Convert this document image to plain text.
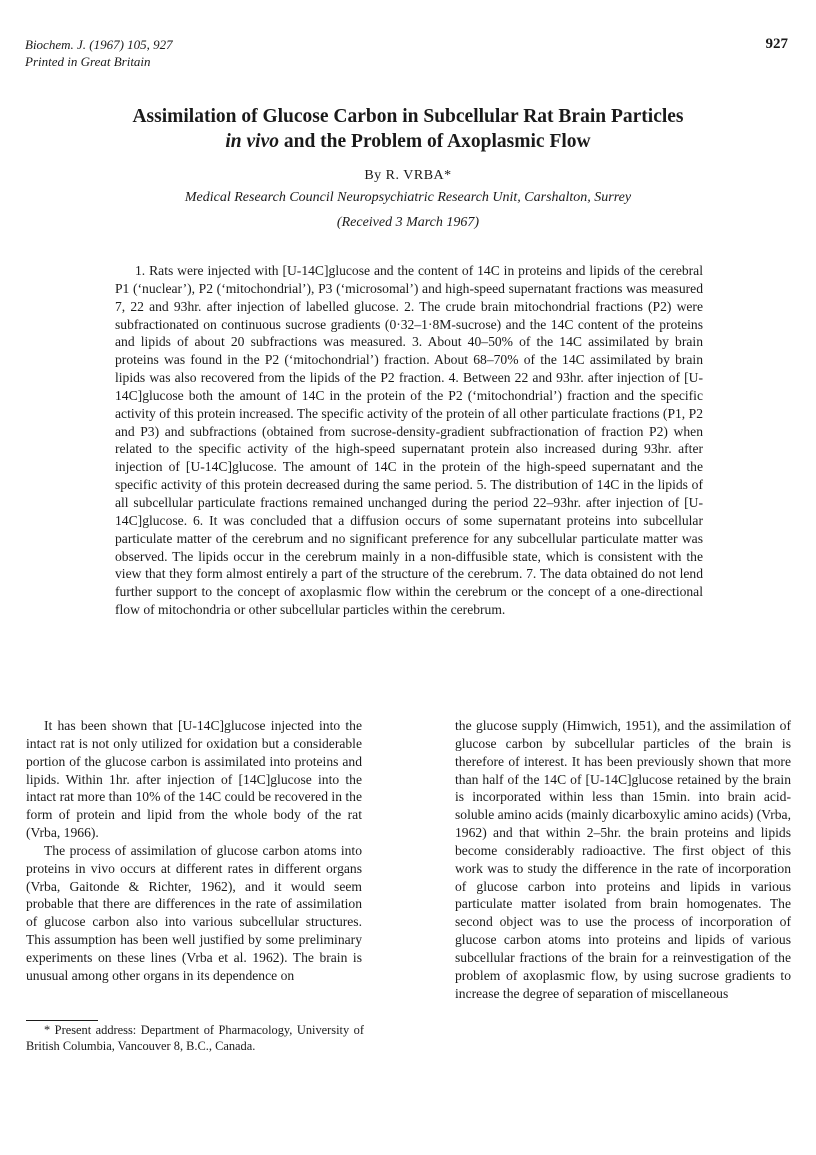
Biochem. J. (1967) 105, 927
Printed in Great Britain
927
Assimilation of Glucose Carbon in Subcellular Rat Brain Particles
in vivo and the Problem of Axoplasmic Flow
By R. VRBA*
Medical Research Council Neuropsychiatric Research Unit, Carshalton, Surrey
(Received 3 March 1967)

1. Rats were injected with [U-14C]glucose and the content of 14C in proteins and lipids of the cerebral P1 (‘nuclear’), P2 (‘mitochondrial’), P3 (‘microsomal’) and high-speed supernatant fractions was measured 7, 22 and 93hr. after injection of labelled glucose. 2. The crude brain mitochondrial fractions (P2) were subfractionated on continuous sucrose gradients (0·32–1·8M-sucrose) and the 14C content of the proteins and lipids of about 20 subfractions was measured. 3. About 40–50% of the 14C assimilated by brain proteins was found in the P2 (‘mitochondrial’) fraction. About 68–70% of the 14C assimilated by brain lipids was also recovered from the lipids of the P2 fraction. 4. Between 22 and 93hr. after injection of [U-14C]glucose both the amount of 14C in the protein of the P2 (‘mitochondrial’) fraction and the specific activity of this protein increased. The specific activity of the protein of all other particulate fractions (P1, P2 and P3) and subfractions (obtained from sucrose-density-gradient subfractionation of fraction P2) when related to the specific activity of the high-speed supernatant protein also increased during 93hr. after injection of [U-14C]glucose. The amount of 14C in the protein of the high-speed supernatant and the specific activity of this protein decreased during the same period. 5. The distribution of 14C in the lipids of all subcellular particulate fractions remained unchanged during the period 22–93hr. after injection of [U-14C]glucose. 6. It was concluded that a diffusion occurs of some supernatant proteins into subcellular particulate matter of the cerebrum and no significant preference for any subcellular particulate matter was observed. The lipids occur in the cerebrum mainly in a non-diffusible state, which is consistent with the view that they form almost entirely a part of the structure of the cerebrum. 7. The data obtained do not lend further support to the concept of axoplasmic flow within the cerebrum or the concept of a one-directional flow of mitochondria or other subcellular particles within the cerebrum.

It has been shown that [U-14C]glucose injected into the intact rat is not only utilized for oxidation but a considerable portion of the glucose carbon is assimilated into proteins and lipids. Within 1hr. after injection of [14C]glucose into the intact rat more than 10% of the 14C could be recovered in the form of protein and lipid from the whole body of the rat (Vrba, 1966).

The process of assimilation of glucose carbon atoms into proteins in vivo occurs at different rates in different organs (Vrba, Gaitonde & Richter, 1962), and it would seem probable that there are differences in the rate of assimilation of glucose carbon also into various subcellular structures. This assumption has been well justified by some preliminary experiments on these lines (Vrba et al. 1962). The brain is unusual among other organs in its dependence on

the glucose supply (Himwich, 1951), and the assimilation of glucose carbon by subcellular particles of the brain is therefore of interest. It has been previously shown that more than half of the 14C of [U-14C]glucose retained by the brain is incorporated within less than 15min. into brain acid-soluble amino acids (mainly dicarboxylic amino acids) (Vrba, 1962) and that within 2–5hr. the brain proteins and lipids become considerably radioactive. The first object of this work was to study the difference in the rate of incorporation of glucose carbon into proteins and lipids in various particulate matter isolated from brain homogenates. The second object was to use the process of incorporation of glucose carbon atoms into proteins and lipids of various subcellular fractions of the brain for a reinvestigation of the problem of axoplasmic flow, by using sucrose gradients to increase the degree of separation of miscellaneous

* Present address: Department of Pharmacology, University of British Columbia, Vancouver 8, B.C., Canada.
